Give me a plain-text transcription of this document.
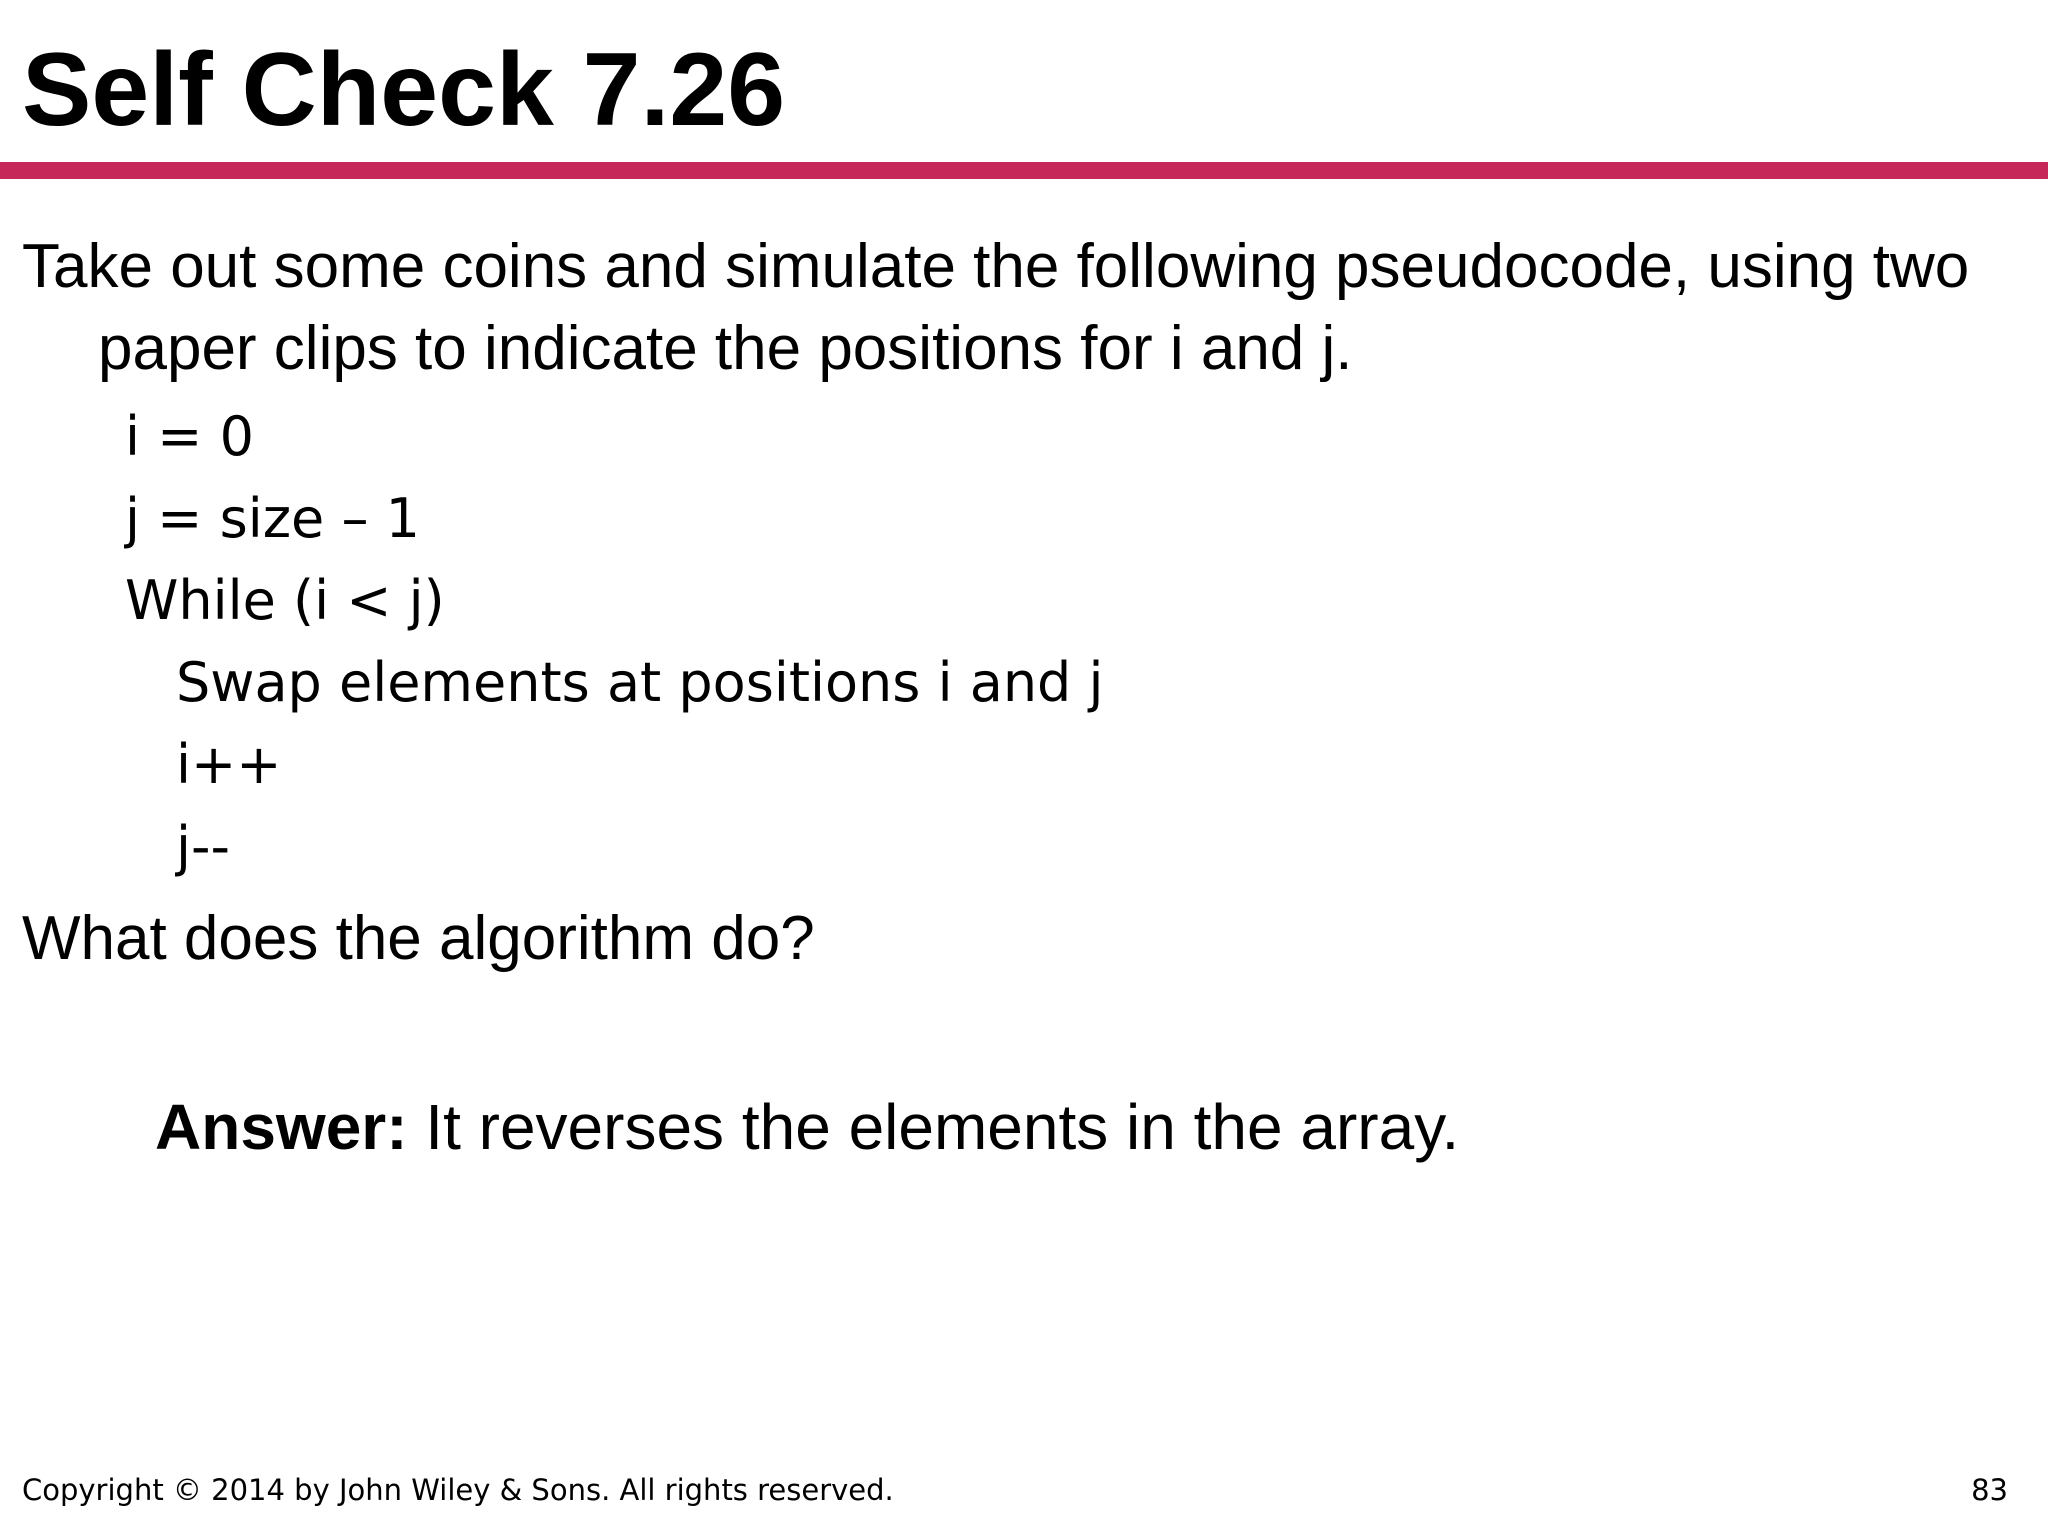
Self Check 7.26
Take out some coins and simulate the following pseudocode, using two paper clips to indicate the positions for i and j.
i = 0
j = size – 1
While (i < j)
Swap elements at positions i and j
i++
j--
What does the algorithm do?
Answer: It reverses the elements in the array.
Copyright © 2014 by John Wiley & Sons. All rights reserved.	83
